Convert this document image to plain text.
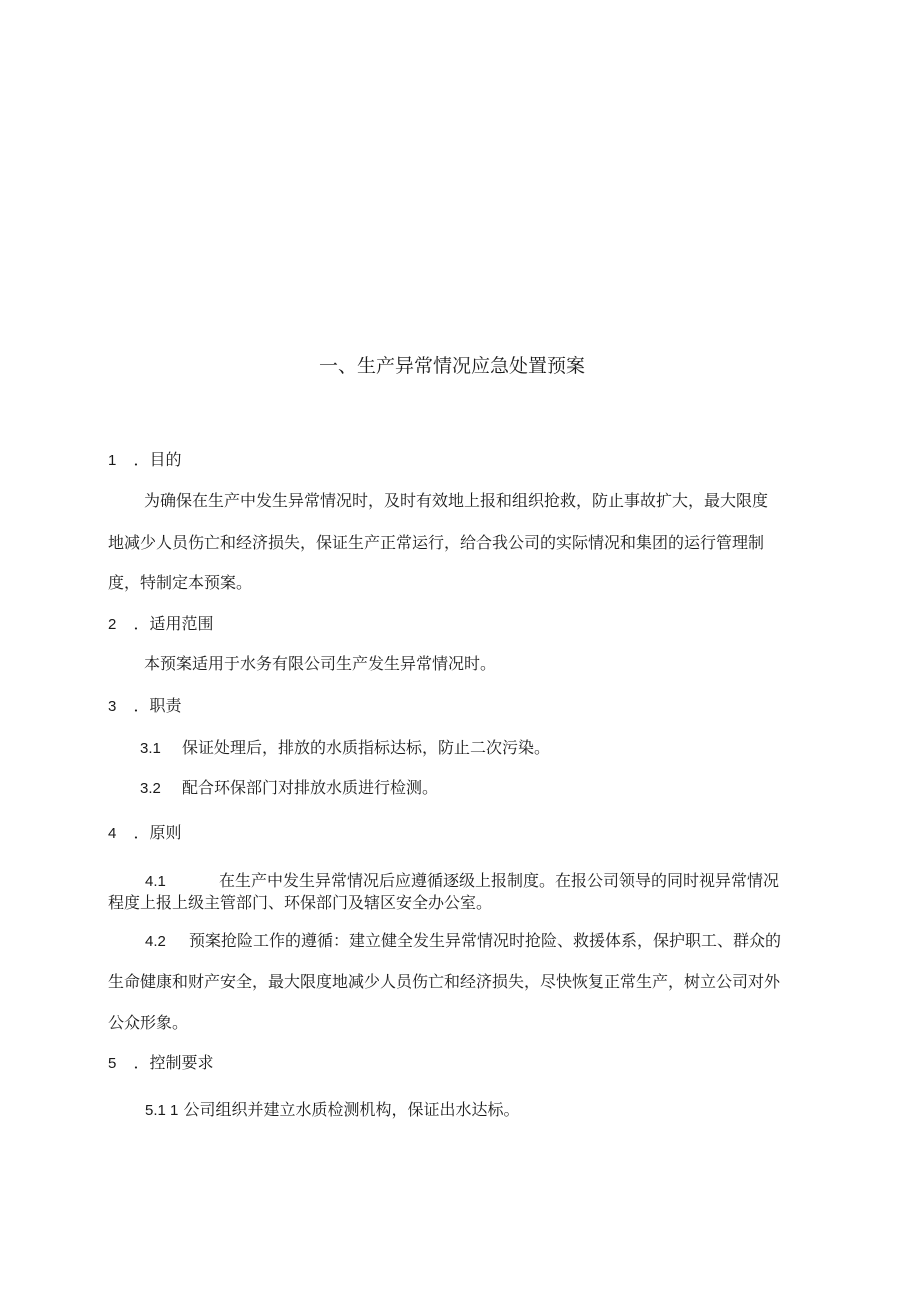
一、生产异常情况应急处置预案
1 ．目的
为确保在生产中发生异常情况时，及时有效地上报和组织抢救，防止事故扩大，最大限度
地减少人员伤亡和经济损失，保证生产正常运行，给合我公司的实际情况和集团的运行管理制
度，特制定本预案。
2 ．适用范围
本预案适用于水务有限公司生产发生异常情况时。
3 ．职责
3.1 保证处理后，排放的水质指标达标，防止二次污染。
3.2 配合环保部门对排放水质进行检测。
4 ．原则
4.1	在生产中发生异常情况后应遵循逐级上报制度。在报公司领导的同时视异常情况
程度上报上级主管部门、环保部门及辖区安全办公室。
4.2 预案抢险工作的遵循：建立健全发生异常情况时抢险、救援体系，保护职工、群众的
生命健康和财产安全，最大限度地减少人员伤亡和经济损失，尽快恢复正常生产，树立公司对外
公众形象。
5 ．控制要求
5.1 1 公司组织并建立水质检测机构，保证出水达标。
